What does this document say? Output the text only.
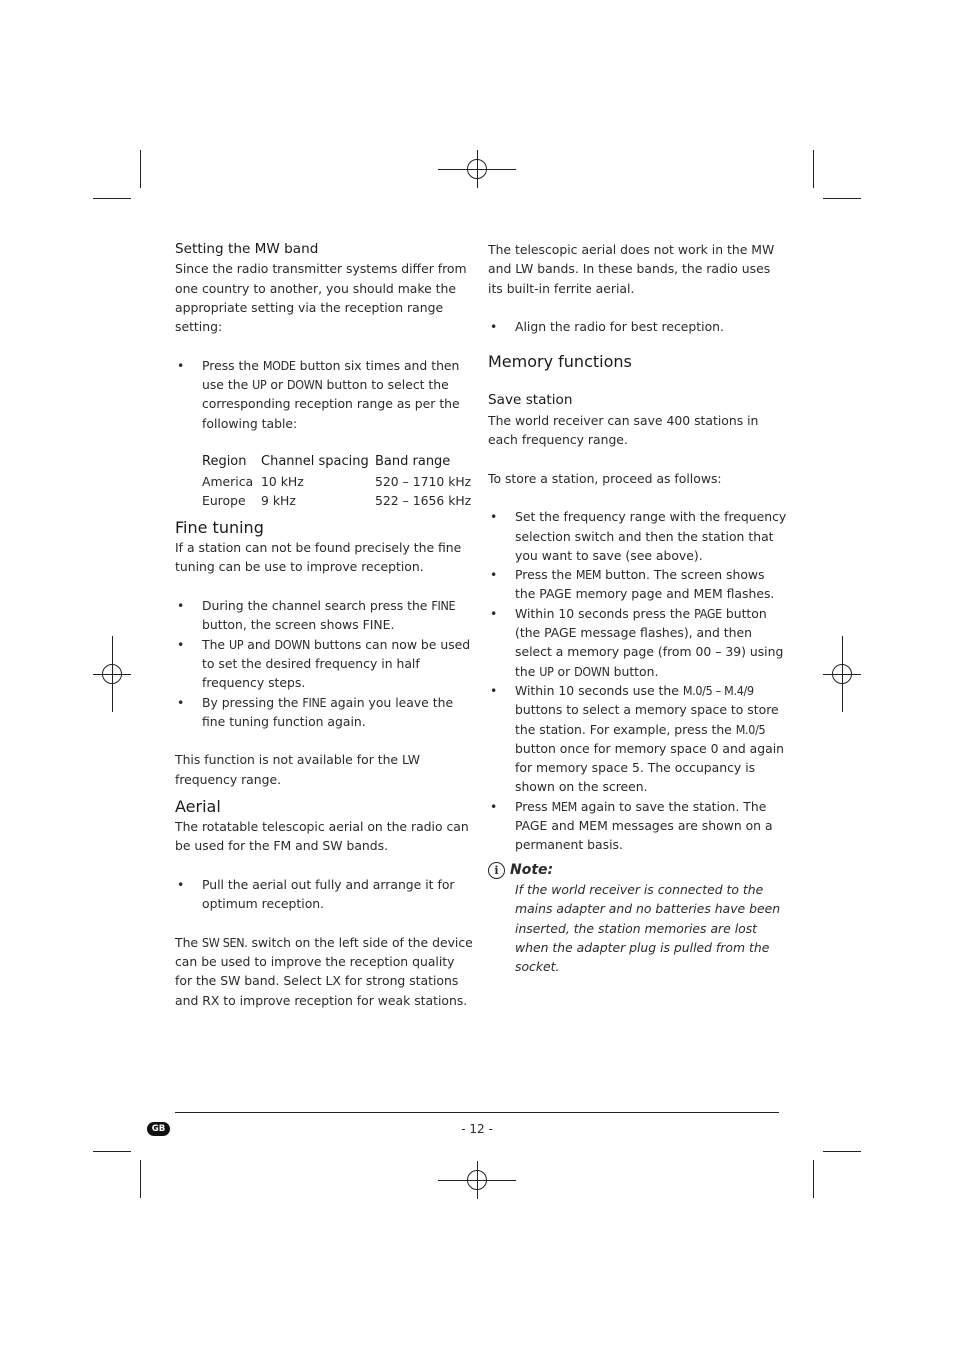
Setting the MW band

Since the radio transmitter systems differ from one country to another, you should make the appropriate setting via the reception range setting:

• Press the MODE button six times and then use the UP or DOWN button to select the corresponding reception range as per the following table:
Region	Channel spacing	Band range
America	10 kHz	520 – 1710 kHz
Europe	9 kHz	522 – 1656 kHz
Fine tuning

If a station can not be found precisely the fine tuning can be use to improve reception.

• During the channel search press the FINE button, the screen shows FINE.
• The UP and DOWN buttons can now be used to set the desired frequency in half frequency steps.
• By pressing the FINE again you leave the fine tuning function again.

This function is not available for the LW frequency range.

Aerial

The rotatable telescopic aerial on the radio can be used for the FM and SW bands.

• Pull the aerial out fully and arrange it for optimum reception.

The SW SEN. switch on the left side of the device can be used to improve the reception quality for the SW band. Select LX for strong stations and RX to improve reception for weak stations.

The telescopic aerial does not work in the MW and LW bands. In these bands, the radio uses its built-in ferrite aerial.

• Align the radio for best reception.
Memory functions
Save station

The world receiver can save 400 stations in each frequency range.

To store a station, proceed as follows:

• Set the frequency range with the frequency selection switch and then the station that you want to save (see above).
• Press the MEM button. The screen shows the PAGE memory page and MEM flashes.
• Within 10 seconds press the PAGE button (the PAGE message flashes), and then select a memory page (from 00 – 39) using the UP or DOWN button.
• Within 10 seconds use the M.0/5 – M.4/9 buttons to select a memory space to store the station. For example, press the M.0/5 button once for memory space 0 and again for memory space 5. The occupancy is shown on the screen.
• Press MEM again to save the station. The PAGE and MEM messages are shown on a permanent basis.
i Note:

If the world receiver is connected to the mains adapter and no batteries have been inserted, the station memories are lost when the adapter plug is pulled from the socket.

GB	- 12 -
